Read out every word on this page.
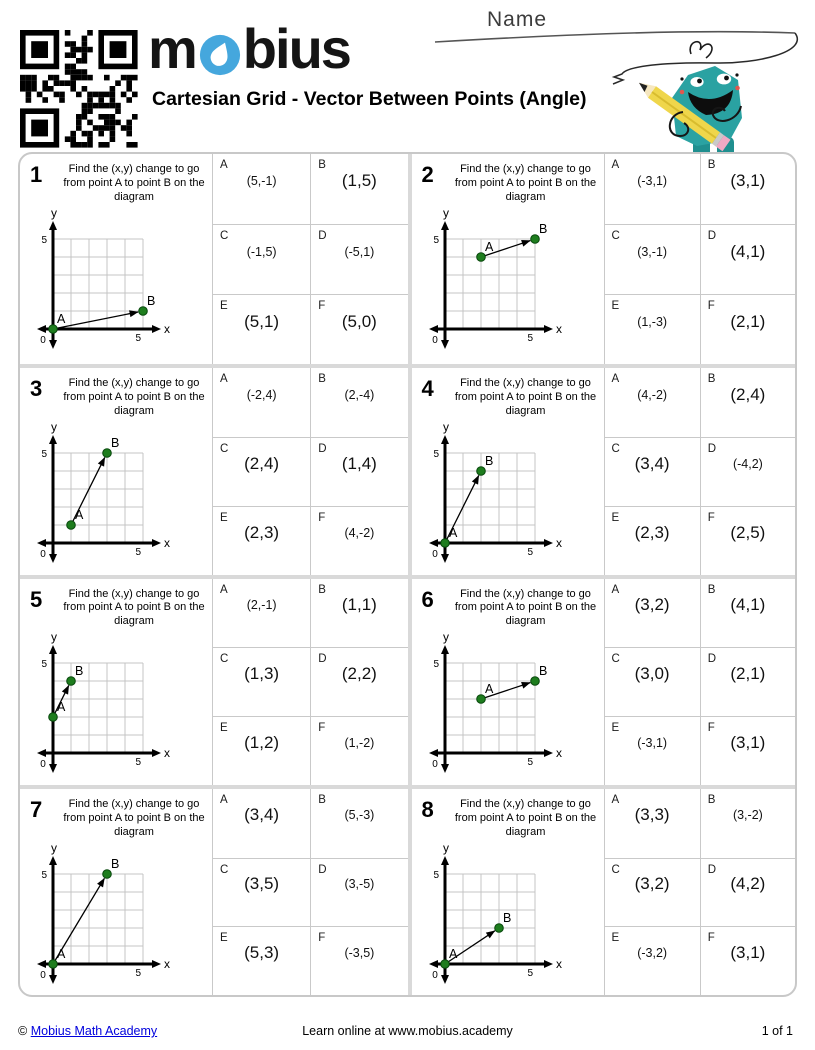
m bius
Cartesian Grid - Vector Between Points (Angle)
Name
1	Find the (x,y) change to go from point A to point B on the diagram
y
x
5
5
0
A
B
A
(5,-1)
B
(1,5)
C
(-1,5)
D
(-5,1)
E
(5,1)
F
(5,0)
2	Find the (x,y) change to go from point A to point B on the diagram
y
x
5
5
0
A
B
A
(-3,1)
B
(3,1)
C
(3,-1)
D
(4,1)
E
(1,-3)
F
(2,1)
3	Find the (x,y) change to go from point A to point B on the diagram
y
x
5
5
0
A
B
A
(-2,4)
B
(2,-4)
C
(2,4)
D
(1,4)
E
(2,3)
F
(4,-2)
4	Find the (x,y) change to go from point A to point B on the diagram
y
x
5
5
0
A
B
A
(4,-2)
B
(2,4)
C
(3,4)
D
(-4,2)
E
(2,3)
F
(2,5)
5	Find the (x,y) change to go from point A to point B on the diagram
y
x
5
5
0
A
B
A
(2,-1)
B
(1,1)
C
(1,3)
D
(2,2)
E
(1,2)
F
(1,-2)
6	Find the (x,y) change to go from point A to point B on the diagram
y
x
5
5
0
A
B
A
(3,2)
B
(4,1)
C
(3,0)
D
(2,1)
E
(-3,1)
F
(3,1)
7	Find the (x,y) change to go from point A to point B on the diagram
y
x
5
5
0
A
B
A
(3,4)
B
(5,-3)
C
(3,5)
D
(3,-5)
E
(5,3)
F
(-3,5)
8	Find the (x,y) change to go from point A to point B on the diagram
y
x
5
5
0
A
B
A
(3,3)
B
(3,-2)
C
(3,2)
D
(4,2)
E
(-3,2)
F
(3,1)
Learn online at www.mobius.academy
© Mobius Math Academy	1 of 1
